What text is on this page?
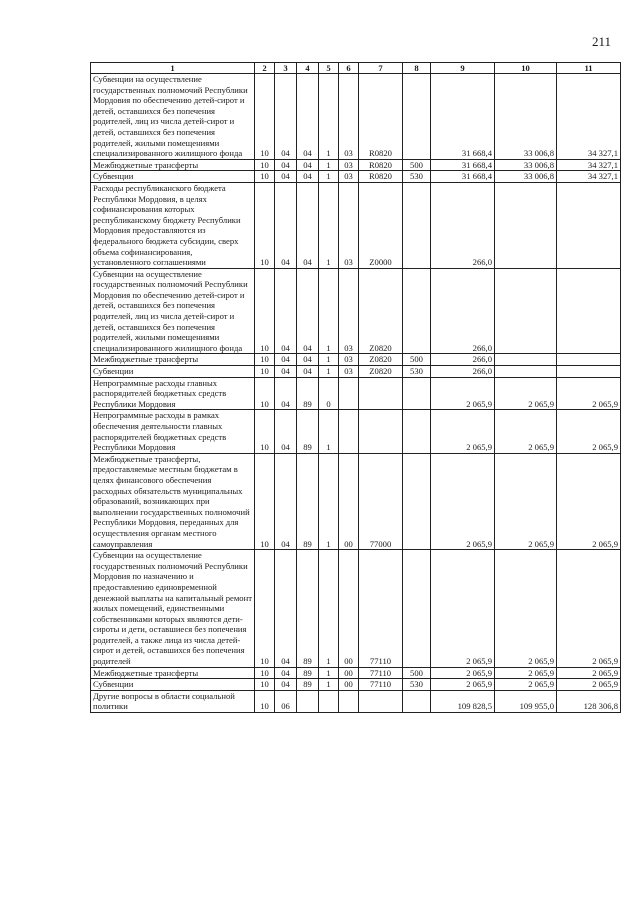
211
1	2	3	4	5	6	7	8	9	10	11
Субвенции на осуществление государственных полномочий Республики Мордовия по обеспечению детей-сирот и детей, оставшихся без попечения родителей, лиц из числа детей-сирот и детей, оставшихся без попечения родителей, жилыми помещениями специализированного жилищного фонда	10	04	04	1	03	R0820		31 668,4	33 006,8	34 327,1
Межбюджетные трансферты	10	04	04	1	03	R0820	500	31 668,4	33 006,8	34 327,1
Субвенции	10	04	04	1	03	R0820	530	31 668,4	33 006,8	34 327,1
Расходы республиканского бюджета Республики Мордовия, в целях софинансирования которых республиканскому бюджету Республики Мордовия предоставляются из федерального бюджета субсидии, сверх объема софинансирования, установленного соглашениями	10	04	04	1	03	Z0000		266,0		
Субвенции на осуществление государственных полномочий Республики Мордовия по обеспечению детей-сирот и детей, оставшихся без попечения родителей, лиц из числа детей-сирот и детей, оставшихся без попечения родителей, жилыми помещениями специализированного жилищного фонда	10	04	04	1	03	Z0820		266,0		
Межбюджетные трансферты	10	04	04	1	03	Z0820	500	266,0		
Субвенции	10	04	04	1	03	Z0820	530	266,0		
Непрограммные расходы главных распорядителей бюджетных средств Республики Мордовия	10	04	89	0				2 065,9	2 065,9	2 065,9
Непрограммные расходы в рамках обеспечения деятельности главных распорядителей бюджетных средств Республики Мордовия	10	04	89	1				2 065,9	2 065,9	2 065,9
Межбюджетные трансферты, предоставляемые местным бюджетам в целях финансового обеспечения расходных обязательств муниципальных образований, возникающих при выполнении государственных полномочий Республики Мордовия, переданных для осуществления органам местного самоуправления	10	04	89	1	00	77000		2 065,9	2 065,9	2 065,9
Субвенции на осуществление государственных полномочий Республики Мордовия по назначению и предоставлению единовременной денежной выплаты на капитальный ремонт жилых помещений, единственными собственниками которых являются дети-сироты и дети, оставшиеся без попечения родителей, а также лица из числа детей-сирот и детей, оставшихся без попечения родителей	10	04	89	1	00	77110		2 065,9	2 065,9	2 065,9
Межбюджетные трансферты	10	04	89	1	00	77110	500	2 065,9	2 065,9	2 065,9
Субвенции	10	04	89	1	00	77110	530	2 065,9	2 065,9	2 065,9
Другие вопросы в области социальной политики	10	06						109 828,5	109 955,0	128 306,8
